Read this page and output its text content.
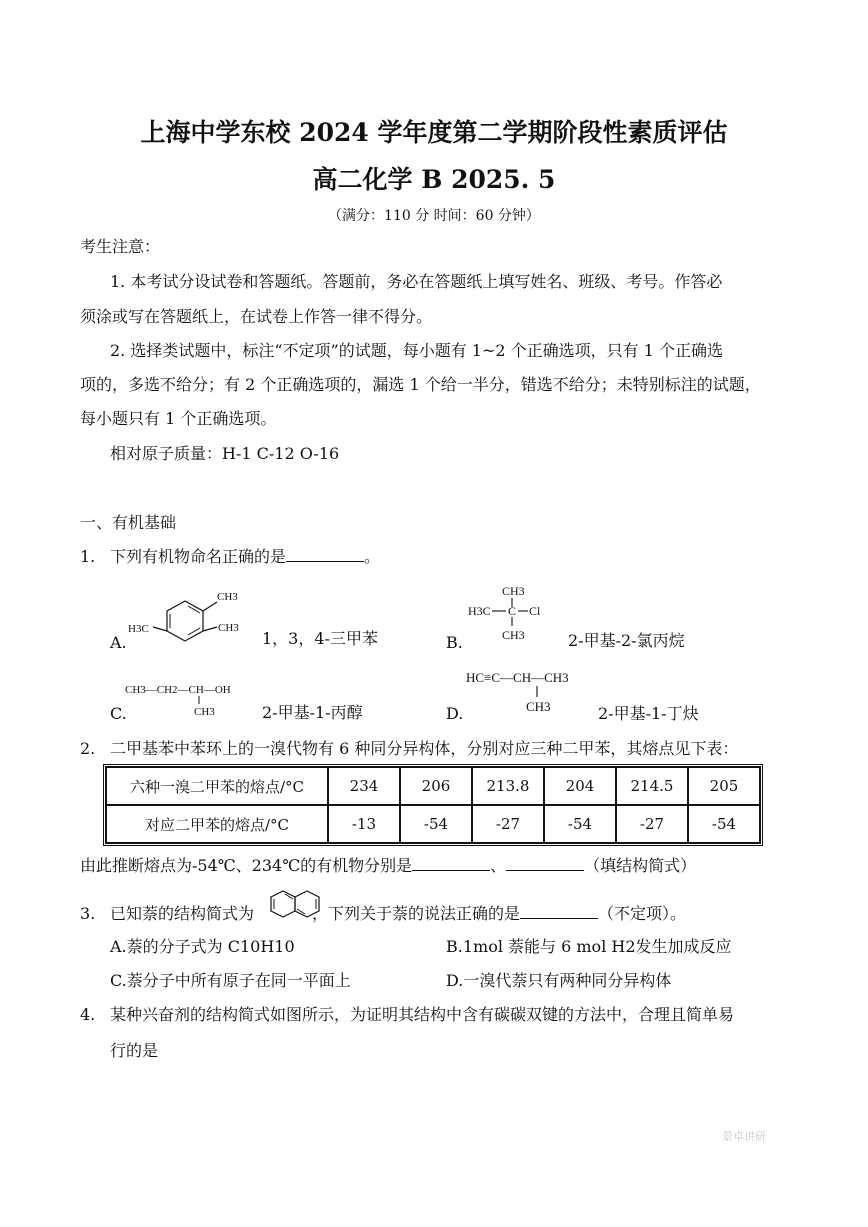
上海中学东校 2024 学年度第二学期阶段性素质评估
高二化学 B 2025. 5
（满分：110 分 时间：60 分钟）
考生注意：
1. 本考试分设试卷和答题纸。答题前，务必在答题纸上填写姓名、班级、考号。作答必
须涂或写在答题纸上，在试卷上作答一律不得分。
2. 选择类试题中，标注“不定项”的试题，每小题有 1~2 个正确选项，只有 1 个正确选
项的，多选不给分；有 2 个正确选项的，漏选 1 个给一半分，错选不给分；未特别标注的试题，
每小题只有 1 个正确选项。
相对原子质量：H-1 C-12 O-16
一、有机基础
1. 下列有机物命名正确的是	。
A.
CH3
CH3
H3C	1，3，4-三甲苯	B.
CH3
H3C C Cl
CH3	2-甲基-2-氯丙烷
C.
CH3—CH2—CH—OH
CH3	2-甲基-1-丙醇	D.
HC≡C—CH—CH3
CH3	2-甲基-1-丁炔
2. 二甲基苯中苯环上的一溴代物有 6 种同分异构体，分别对应三种二甲苯，其熔点见下表：
六种一溴二甲苯的熔点/°C	234	206	213.8	204	214.5	205
对应二甲苯的熔点/°C	-13	-54	-27	-54	-27	-54
由此推断熔点为-54℃、234℃的有机物分别是	、	（填结构简式）
3. 已知萘的结构简式为	，下列关于萘的说法正确的是	（不定项）。
A.萘的分子式为 C10H10	B.1mol 萘能与 6 mol H2发生加成反应
C.萘分子中所有原子在同一平面上	D.一溴代萘只有两种同分异构体
4. 某种兴奋剂的结构简式如图所示，为证明其结构中含有碳碳双键的方法中，合理且简单易
行的是
景卓讲研
